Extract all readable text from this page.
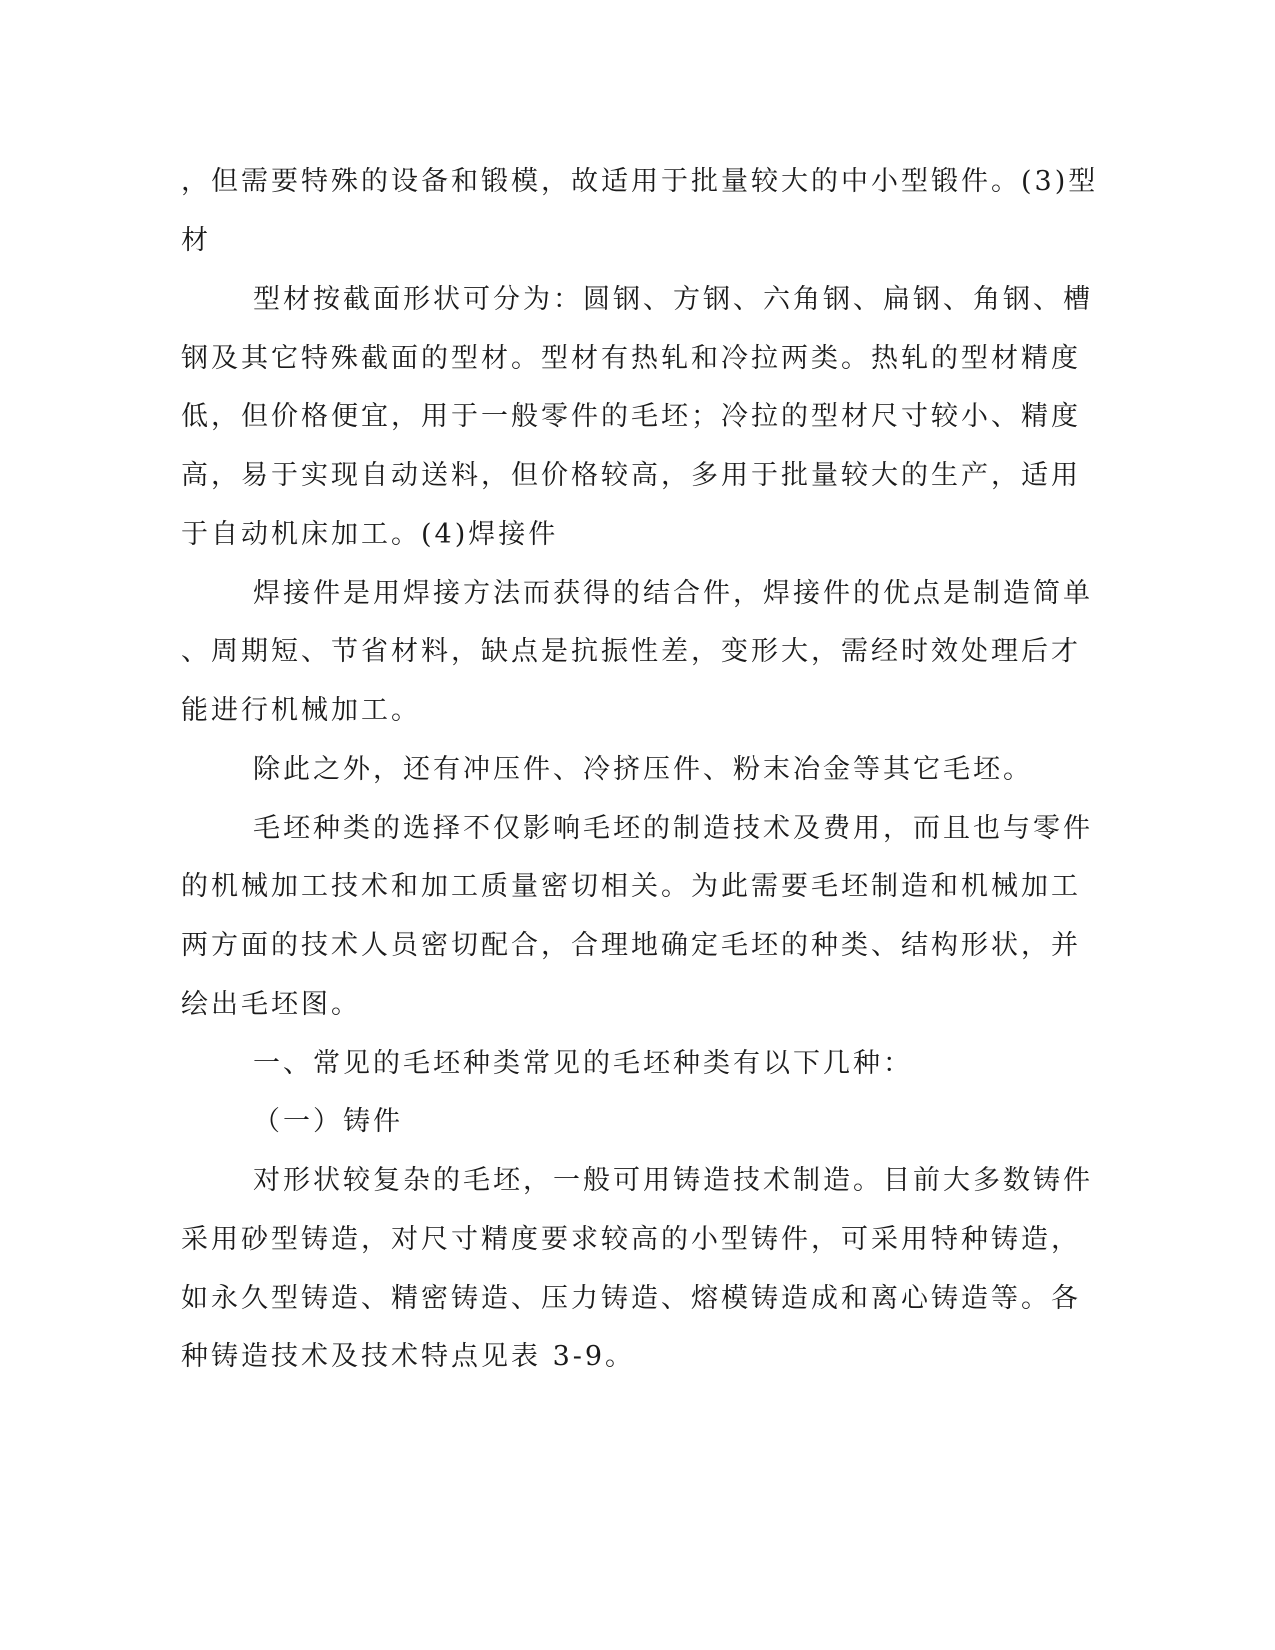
，但需要特殊的设备和锻模，故适用于批量较大的中小型锻件。(3)型
材
型材按截面形状可分为：圆钢、方钢、六角钢、扁钢、角钢、槽
钢及其它特殊截面的型材。型材有热轧和冷拉两类。热轧的型材精度
低，但价格便宜，用于一般零件的毛坯；冷拉的型材尺寸较小、精度
高，易于实现自动送料，但价格较高，多用于批量较大的生产，适用
于自动机床加工。(4)焊接件
焊接件是用焊接方法而获得的结合件，焊接件的优点是制造简单
、周期短、节省材料，缺点是抗振性差，变形大，需经时效处理后才
能进行机械加工。
除此之外，还有冲压件、冷挤压件、粉末冶金等其它毛坯。
毛坯种类的选择不仅影响毛坯的制造技术及费用，而且也与零件
的机械加工技术和加工质量密切相关。为此需要毛坯制造和机械加工
两方面的技术人员密切配合，合理地确定毛坯的种类、结构形状，并
绘出毛坯图。
一、常见的毛坯种类常见的毛坯种类有以下几种：
（一）铸件
对形状较复杂的毛坯，一般可用铸造技术制造。目前大多数铸件
采用砂型铸造，对尺寸精度要求较高的小型铸件，可采用特种铸造，
如永久型铸造、精密铸造、压力铸造、熔模铸造成和离心铸造等。各
种铸造技术及技术特点见表 3-9。
